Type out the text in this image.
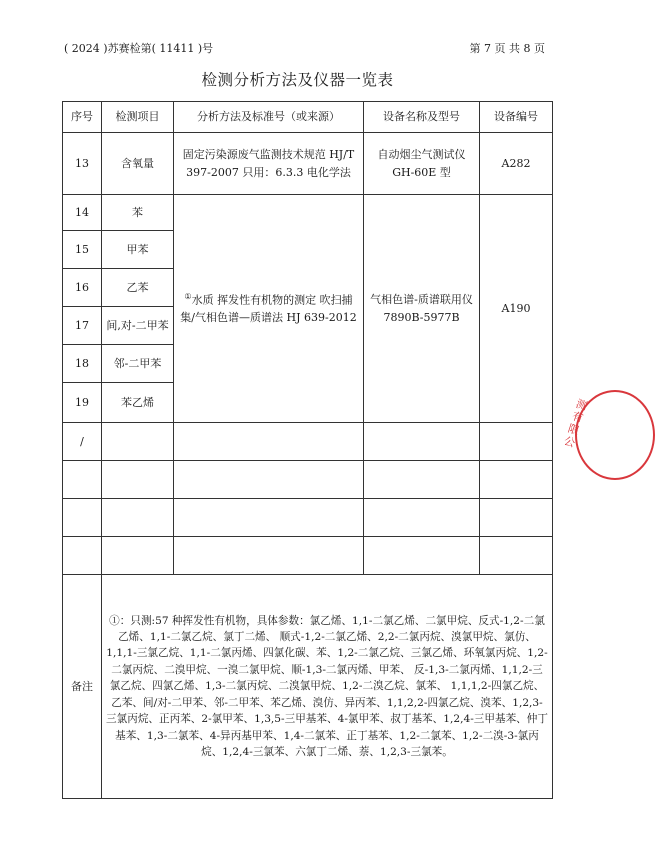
( 2024 )苏赛检第( 11411 )号	第 7 页 共 8 页
检测分析方法及仪器一览表
序号	检测项目	分析方法及标准号（或来源）	设备名称及型号	设备编号
13	含氧量	固定污染源废气监测技术规范 HJ/T 397-2007 只用：6.3.3 电化学法	自动烟尘气测试仪 GH-60E 型	A282
14	苯	①水质 挥发性有机物的测定 吹扫捕集/气相色谱—质谱法 HJ 639-2012	气相色谱-质谱联用仪 7890B-5977B	A190
15	甲苯			
16	乙苯			
17	间,对-二甲苯			
18	邻-二甲苯			
19	苯乙烯			
/				

备注	①：只测:57 种挥发性有机物，具体参数：氯乙烯、1,1-二氯乙烯、二氯甲烷、反式-1,2-二氯乙烯、1,1-二氯乙烷、氯丁二烯、 顺式-1,2-二氯乙烯、2,2-二氯丙烷、溴氯甲烷、氯仿、1,1,1-三氯乙烷、1,1-二氯丙烯、四氯化碳、苯、1,2-二氯乙烷、三氯乙烯、环氧氯丙烷、1,2-二氯丙烷、二溴甲烷、一溴二氯甲烷、顺-1,3-二氯丙烯、甲苯、 反-1,3-二氯丙烯、1,1,2-三氯乙烷、四氯乙烯、1,3-二氯丙烷、二溴氯甲烷、1,2-二溴乙烷、氯苯、 1,1,1,2-四氯乙烷、乙苯、间/对-二甲苯、邻-二甲苯、苯乙烯、溴仿、异丙苯、1,1,2,2-四氯乙烷、溴苯、1,2,3-三氯丙烷、正丙苯、2-氯甲苯、1,3,5-三甲基苯、4-氯甲苯、叔丁基苯、1,2,4-三甲基苯、仲丁基苯、1,3-二氯苯、4-异丙基甲苯、1,4-二氯苯、正丁基苯、1,2-二氯苯、1,2-二溴-3-氯丙烷、1,2,4-三氯苯、六氯丁二烯、萘、1,2,3-三氯苯。			
测有限公
